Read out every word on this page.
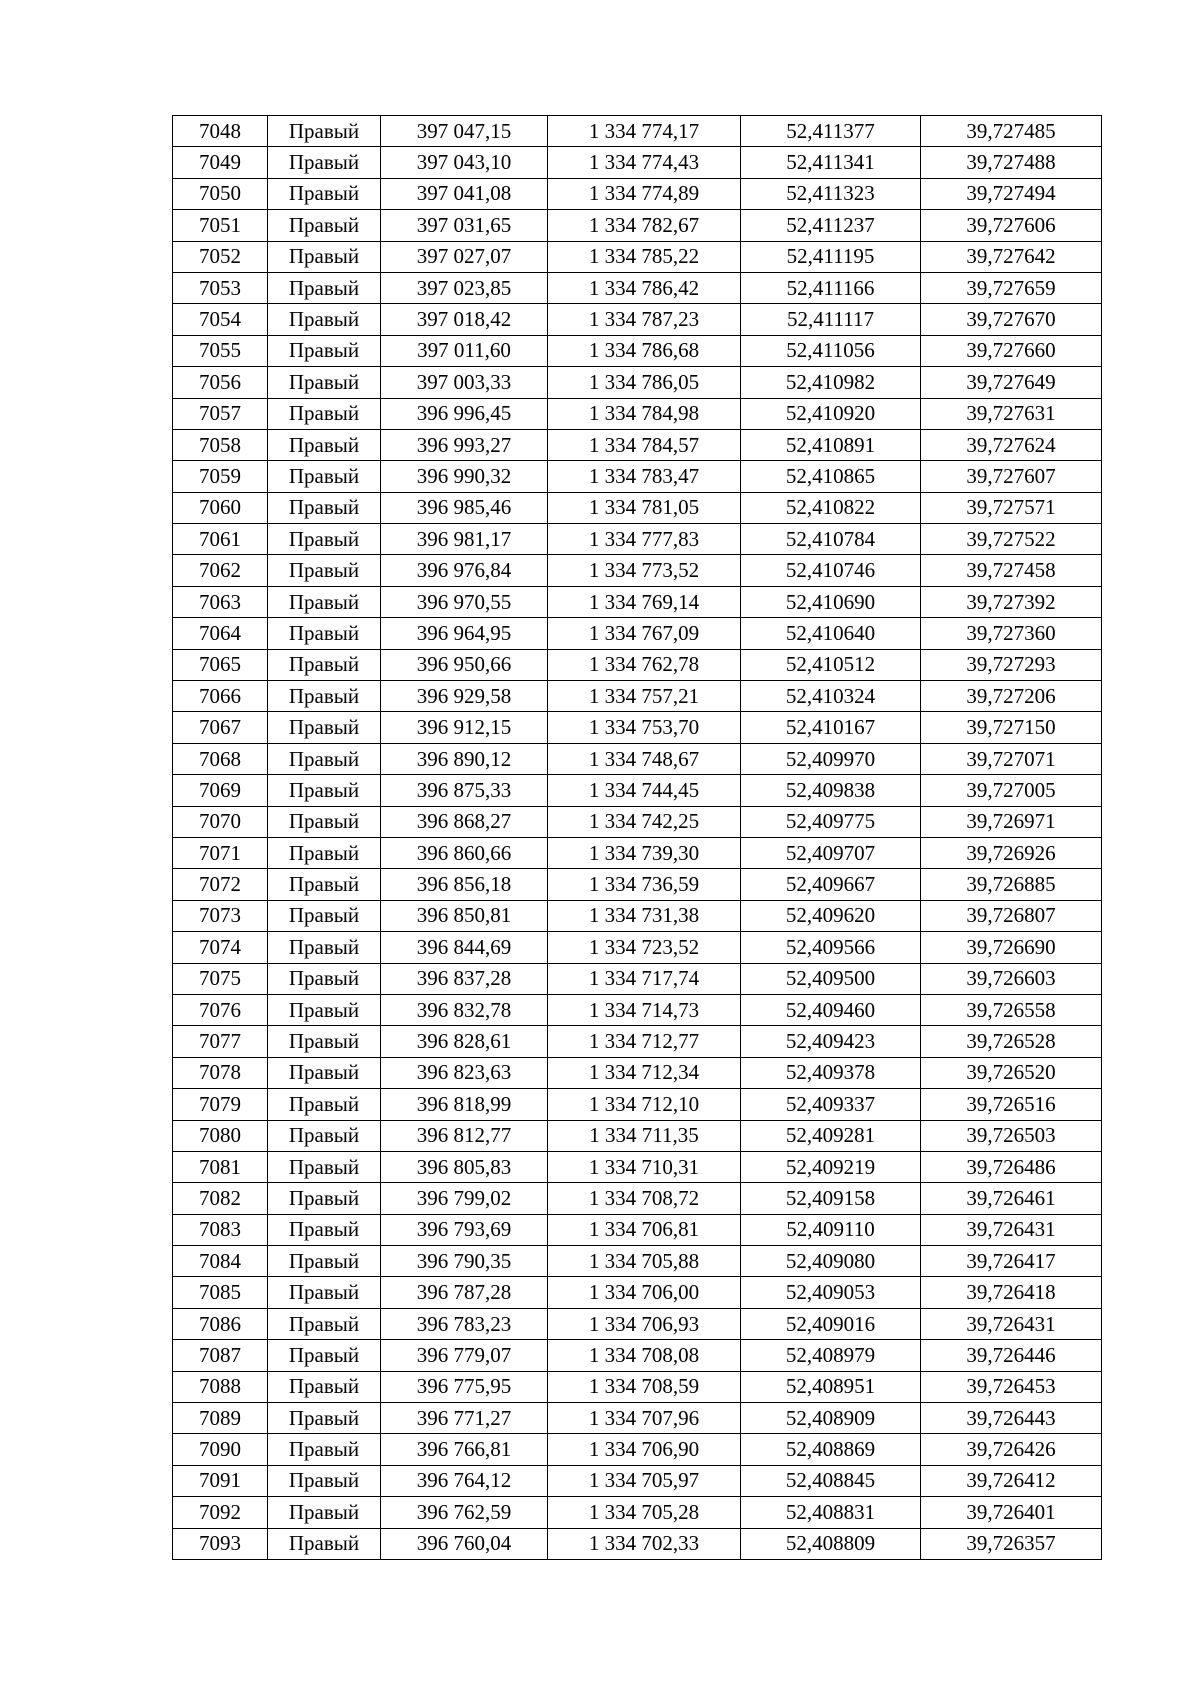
7048	Правый	397 047,15	1 334 774,17	52,411377	39,727485
7049	Правый	397 043,10	1 334 774,43	52,411341	39,727488
7050	Правый	397 041,08	1 334 774,89	52,411323	39,727494
7051	Правый	397 031,65	1 334 782,67	52,411237	39,727606
7052	Правый	397 027,07	1 334 785,22	52,411195	39,727642
7053	Правый	397 023,85	1 334 786,42	52,411166	39,727659
7054	Правый	397 018,42	1 334 787,23	52,411117	39,727670
7055	Правый	397 011,60	1 334 786,68	52,411056	39,727660
7056	Правый	397 003,33	1 334 786,05	52,410982	39,727649
7057	Правый	396 996,45	1 334 784,98	52,410920	39,727631
7058	Правый	396 993,27	1 334 784,57	52,410891	39,727624
7059	Правый	396 990,32	1 334 783,47	52,410865	39,727607
7060	Правый	396 985,46	1 334 781,05	52,410822	39,727571
7061	Правый	396 981,17	1 334 777,83	52,410784	39,727522
7062	Правый	396 976,84	1 334 773,52	52,410746	39,727458
7063	Правый	396 970,55	1 334 769,14	52,410690	39,727392
7064	Правый	396 964,95	1 334 767,09	52,410640	39,727360
7065	Правый	396 950,66	1 334 762,78	52,410512	39,727293
7066	Правый	396 929,58	1 334 757,21	52,410324	39,727206
7067	Правый	396 912,15	1 334 753,70	52,410167	39,727150
7068	Правый	396 890,12	1 334 748,67	52,409970	39,727071
7069	Правый	396 875,33	1 334 744,45	52,409838	39,727005
7070	Правый	396 868,27	1 334 742,25	52,409775	39,726971
7071	Правый	396 860,66	1 334 739,30	52,409707	39,726926
7072	Правый	396 856,18	1 334 736,59	52,409667	39,726885
7073	Правый	396 850,81	1 334 731,38	52,409620	39,726807
7074	Правый	396 844,69	1 334 723,52	52,409566	39,726690
7075	Правый	396 837,28	1 334 717,74	52,409500	39,726603
7076	Правый	396 832,78	1 334 714,73	52,409460	39,726558
7077	Правый	396 828,61	1 334 712,77	52,409423	39,726528
7078	Правый	396 823,63	1 334 712,34	52,409378	39,726520
7079	Правый	396 818,99	1 334 712,10	52,409337	39,726516
7080	Правый	396 812,77	1 334 711,35	52,409281	39,726503
7081	Правый	396 805,83	1 334 710,31	52,409219	39,726486
7082	Правый	396 799,02	1 334 708,72	52,409158	39,726461
7083	Правый	396 793,69	1 334 706,81	52,409110	39,726431
7084	Правый	396 790,35	1 334 705,88	52,409080	39,726417
7085	Правый	396 787,28	1 334 706,00	52,409053	39,726418
7086	Правый	396 783,23	1 334 706,93	52,409016	39,726431
7087	Правый	396 779,07	1 334 708,08	52,408979	39,726446
7088	Правый	396 775,95	1 334 708,59	52,408951	39,726453
7089	Правый	396 771,27	1 334 707,96	52,408909	39,726443
7090	Правый	396 766,81	1 334 706,90	52,408869	39,726426
7091	Правый	396 764,12	1 334 705,97	52,408845	39,726412
7092	Правый	396 762,59	1 334 705,28	52,408831	39,726401
7093	Правый	396 760,04	1 334 702,33	52,408809	39,726357
